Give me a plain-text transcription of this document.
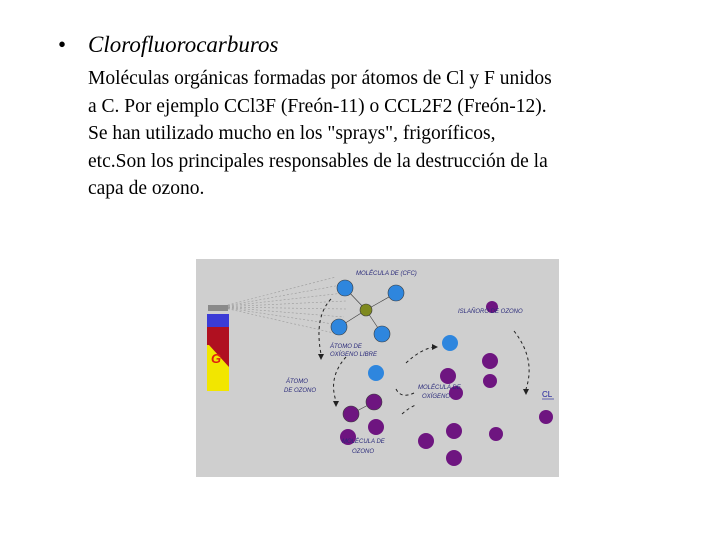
• Clorofluorocarburos

Moléculas orgánicas formadas por átomos de Cl y F unidos

a C. Por ejemplo CCl3F (Freón-11) o CCL2F2 (Freón-12).

Se han utilizado mucho en los "sprays", frigoríficos,

etc.Son los principales responsables de la destrucción de la

capa de ozono.

G
MOLÉCULA DE (CFC)
ISLAÑORO DE OZONO
ÁTOMO DE
OXÍGENO LIBRE
ÁTOMO
DE OZONO	MOLÉCULA DE
OXÍGENO
MOLÉCULA DE
OZONO
CL
